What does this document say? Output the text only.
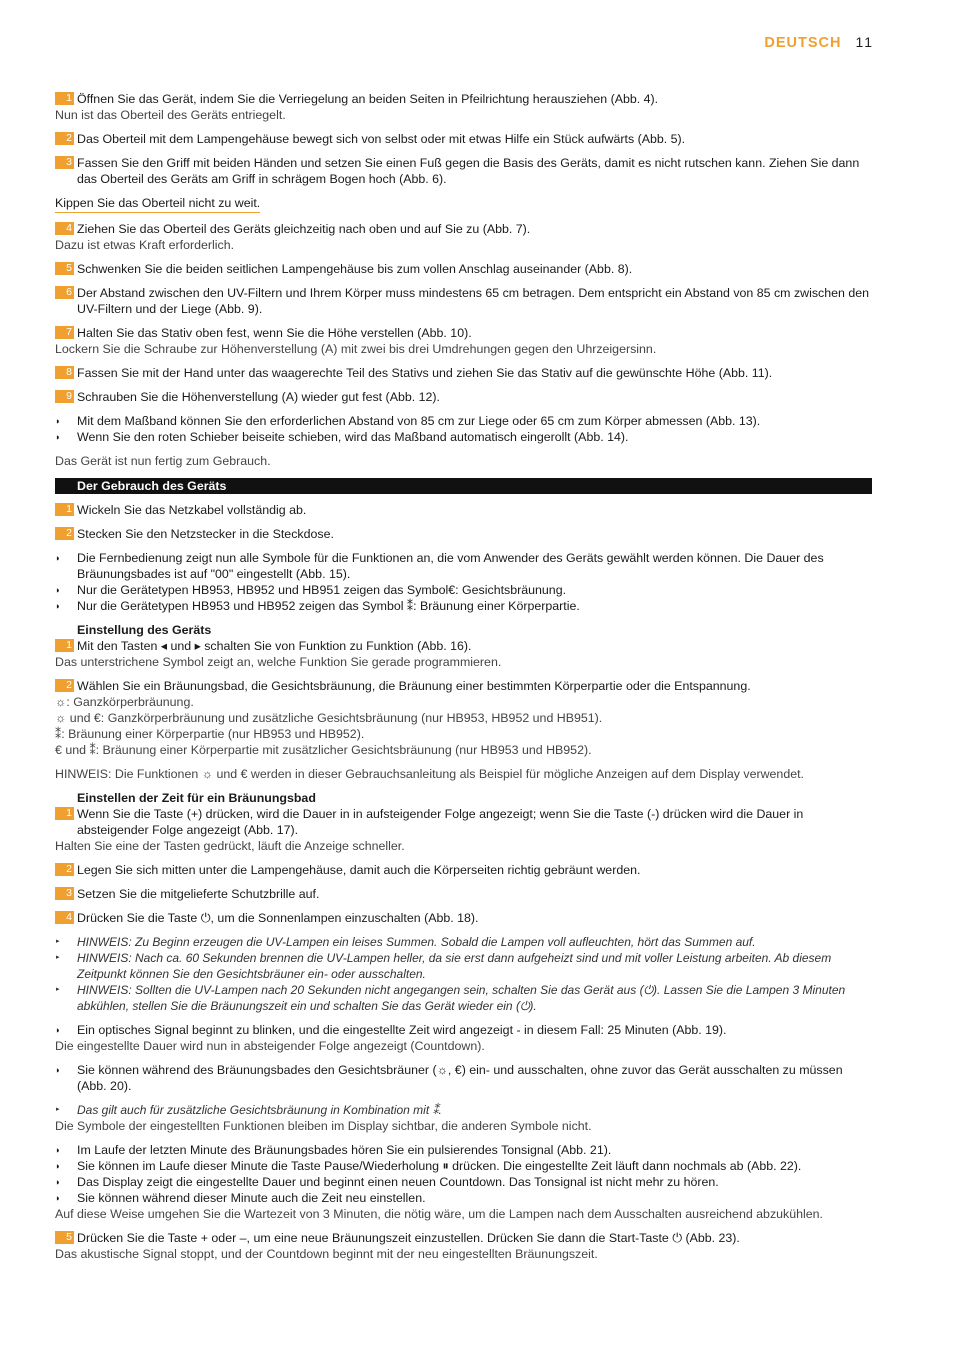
DEUTSCH 11
1 Öffnen Sie das Gerät, indem Sie die Verriegelung an beiden Seiten in Pfeilrichtung herausziehen (Abb. 4).
Nun ist das Oberteil des Geräts entriegelt.
2 Das Oberteil mit dem Lampengehäuse bewegt sich von selbst oder mit etwas Hilfe ein Stück aufwärts (Abb. 5).
3 Fassen Sie den Griff mit beiden Händen und setzen Sie einen Fuß gegen die Basis des Geräts, damit es nicht rutschen kann. Ziehen Sie dann das Oberteil des Geräts am Griff in schrägem Bogen hoch (Abb. 6).
Kippen Sie das Oberteil nicht zu weit.
4 Ziehen Sie das Oberteil des Geräts gleichzeitig nach oben und auf Sie zu (Abb. 7).
Dazu ist etwas Kraft erforderlich.
5 Schwenken Sie die beiden seitlichen Lampengehäuse bis zum vollen Anschlag auseinander (Abb. 8).
6 Der Abstand zwischen den UV-Filtern und Ihrem Körper muss mindestens 65 cm betragen. Dem entspricht ein Abstand von 85 cm zwischen den UV-Filtern und der Liege (Abb. 9).
7 Halten Sie das Stativ oben fest, wenn Sie die Höhe verstellen (Abb. 10).
Lockern Sie die Schraube zur Höhenverstellung (A) mit zwei bis drei Umdrehungen gegen den Uhrzeigersinn.
8 Fassen Sie mit der Hand unter das waagerechte Teil des Stativs und ziehen Sie das Stativ auf die gewünschte Höhe (Abb. 11).
9 Schrauben Sie die Höhenverstellung (A) wieder gut fest (Abb. 12).
◗ Mit dem Maßband können Sie den erforderlichen Abstand von 85 cm zur Liege oder 65 cm zum Körper abmessen (Abb. 13).
◗ Wenn Sie den roten Schieber beiseite schieben, wird das Maßband automatisch eingerollt (Abb. 14).
Das Gerät ist nun fertig zum Gebrauch.
Der Gebrauch des Geräts
1 Wickeln Sie das Netzkabel vollständig ab.
2 Stecken Sie den Netzstecker in die Steckdose.
◗ Die Fernbedienung zeigt nun alle Symbole für die Funktionen an, die vom Anwender des Geräts gewählt werden können. Die Dauer des Bräunungsbades ist auf "00" eingestellt (Abb. 15).
◗ Nur die Gerätetypen HB953, HB952 und HB951 zeigen das Symbol€: Gesichtsbräunung.
◗ Nur die Gerätetypen HB953 und HB952 zeigen das Symbol ⁑: Bräunung einer Körperpartie.
Einstellung des Geräts
1 Mit den Tasten ◂ und ▸ schalten Sie von Funktion zu Funktion (Abb. 16).
Das unterstrichene Symbol zeigt an, welche Funktion Sie gerade programmieren.
2 Wählen Sie ein Bräunungsbad, die Gesichtsbräunung, die Bräunung einer bestimmten Körperpartie oder die Entspannung.
☼: Ganzkörperbräunung.
☼ und €: Ganzkörperbräunung und zusätzliche Gesichtsbräunung (nur HB953, HB952 und HB951).
⁑: Bräunung einer Körperpartie (nur HB953 und HB952).
€ und ⁑: Bräunung einer Körperpartie mit zusätzlicher Gesichtsbräunung (nur HB953 und HB952).
HINWEIS: Die Funktionen ☼ und € werden in dieser Gebrauchsanleitung als Beispiel für mögliche Anzeigen auf dem Display verwendet.
Einstellen der Zeit für ein Bräunungsbad
1 Wenn Sie die Taste (+) drücken, wird die Dauer in in aufsteigender Folge angezeigt; wenn Sie die Taste (-) drücken wird die Dauer in absteigender Folge angezeigt (Abb. 17).
Halten Sie eine der Tasten gedrückt, läuft die Anzeige schneller.
2 Legen Sie sich mitten unter die Lampengehäuse, damit auch die Körperseiten richtig gebräunt werden.
3 Setzen Sie die mitgelieferte Schutzbrille auf.
4 Drücken Sie die Taste ⏻, um die Sonnenlampen einzuschalten (Abb. 18).
▸ HINWEIS: Zu Beginn erzeugen die UV-Lampen ein leises Summen. Sobald die Lampen voll aufleuchten, hört das Summen auf.
▸ HINWEIS: Nach ca. 60 Sekunden brennen die UV-Lampen heller, da sie erst dann aufgeheizt sind und mit voller Leistung arbeiten. Ab diesem Zeitpunkt können Sie den Gesichtsbräuner ein- oder ausschalten.
▸ HINWEIS: Sollten die UV-Lampen nach 20 Sekunden nicht angegangen sein, schalten Sie das Gerät aus (⏻). Lassen Sie die Lampen 3 Minuten abkühlen, stellen Sie die Bräunungszeit ein und schalten Sie das Gerät wieder ein (⏻).
◗ Ein optisches Signal beginnt zu blinken, und die eingestellte Zeit wird angezeigt - in diesem Fall: 25 Minuten (Abb. 19).
Die eingestellte Dauer wird nun in absteigender Folge angezeigt (Countdown).
◗ Sie können während des Bräunungsbades den Gesichtsbräuner (☼, €) ein- und ausschalten, ohne zuvor das Gerät ausschalten zu müssen (Abb. 20).
▸ Das gilt auch für zusätzliche Gesichtsbräunung in Kombination mit ⁑.
Die Symbole der eingestellten Funktionen bleiben im Display sichtbar, die anderen Symbole nicht.
◗ Im Laufe der letzten Minute des Bräunungsbades hören Sie ein pulsierendes Tonsignal (Abb. 21).
◗ Sie können im Laufe dieser Minute die Taste Pause/Wiederholung ⏸ drücken. Die eingestellte Zeit läuft dann nochmals ab (Abb. 22).
◗ Das Display zeigt die eingestellte Dauer und beginnt einen neuen Countdown. Das Tonsignal ist nicht mehr zu hören.
◗ Sie können während dieser Minute auch die Zeit neu einstellen.
Auf diese Weise umgehen Sie die Wartezeit von 3 Minuten, die nötig wäre, um die Lampen nach dem Ausschalten ausreichend abzukühlen.
5 Drücken Sie die Taste + oder –, um eine neue Bräunungszeit einzustellen. Drücken Sie dann die Start-Taste ⏻ (Abb. 23).
Das akustische Signal stoppt, und der Countdown beginnt mit der neu eingestellten Bräunungszeit.
